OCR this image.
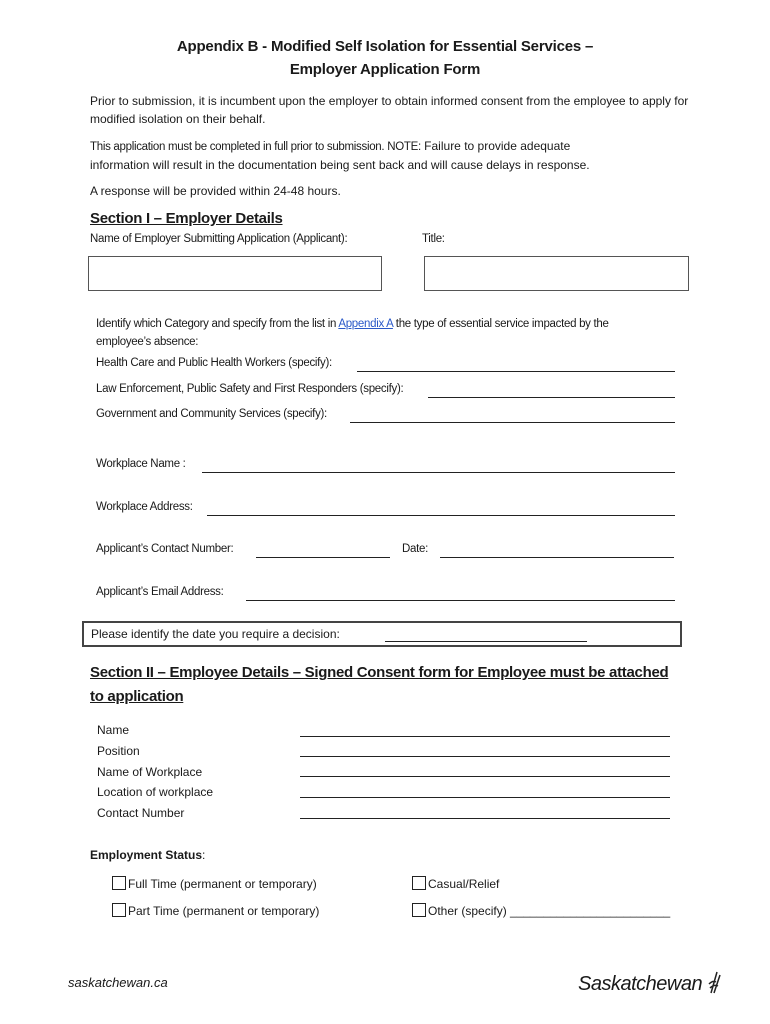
Appendix B - Modified Self Isolation for Essential Services –
Employer Application Form
Prior to submission, it is incumbent upon the employer to obtain informed consent from the employee to apply for modified isolation on their behalf.
This application must be completed in full prior to submission. NOTE: Failure to provide adequate
information will result in the documentation being sent back and will cause delays in response.
A response will be provided within 24-48 hours.
Section I – Employer Details
Name of Employer Submitting Application (Applicant):	Title:
Identify which Category and specify from the list in Appendix A the type of essential service impacted by the
employee’s absence:
Health Care and Public Health Workers (specify):
Law Enforcement, Public Safety and First Responders (specify):
Government and Community Services (specify):
Workplace Name :
Workplace Address:
Applicant’s Contact Number:	Date:
Applicant’s Email Address:
Please identify the date you require a decision:
Section II – Employee Details – Signed Consent form for Employee must be attached
to application
Name
Position
Name of Workplace
Location of workplace
Contact Number
Employment Status:
Full Time (permanent or temporary)	Casual/Relief
Part Time (permanent or temporary)	Other (specify) ________________________
saskatchewan.ca	Saskatchewan
